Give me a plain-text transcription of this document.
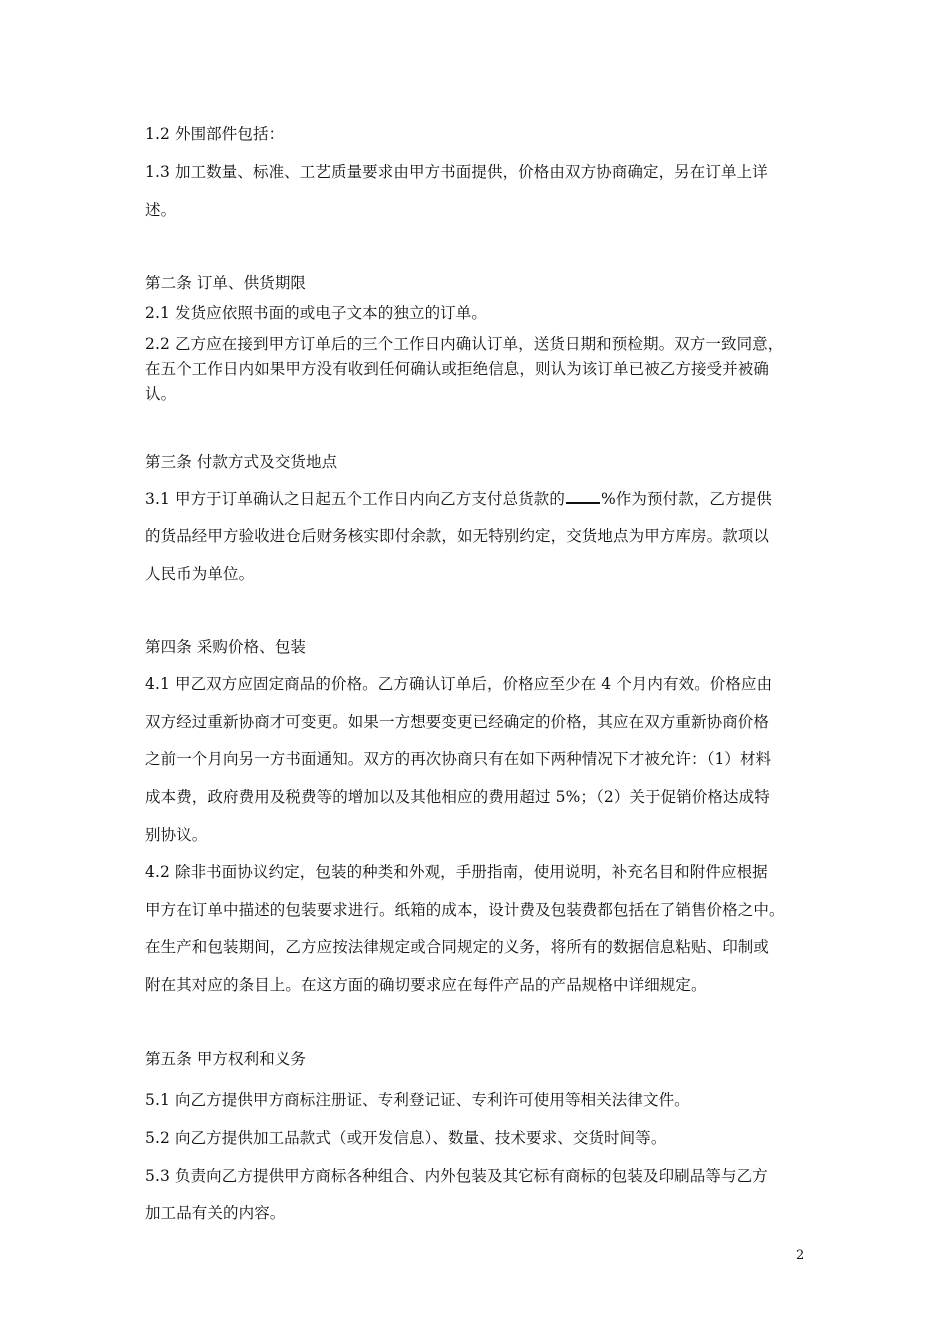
1.2 外围部件包括：
1.3 加工数量、标准、工艺质量要求由甲方书面提供，价格由双方协商确定，另在订单上详
述。
第二条 订单、供货期限
2.1 发货应依照书面的或电子文本的独立的订单。
2.2 乙方应在接到甲方订单后的三个工作日内确认订单，送货日期和预检期。双方一致同意，
在五个工作日内如果甲方没有收到任何确认或拒绝信息，则认为该订单已被乙方接受并被确
认。
第三条 付款方式及交货地点
3.1 甲方于订单确认之日起五个工作日内向乙方支付总货款的 %作为预付款，乙方提供
的货品经甲方验收进仓后财务核实即付余款，如无特别约定，交货地点为甲方库房。款项以
人民币为单位。
第四条 采购价格、包装
4.1 甲乙双方应固定商品的价格。乙方确认订单后，价格应至少在 4 个月内有效。价格应由
双方经过重新协商才可变更。如果一方想要变更已经确定的价格，其应在双方重新协商价格
之前一个月向另一方书面通知。双方的再次协商只有在如下两种情况下才被允许：（1）材料
成本费，政府费用及税费等的增加以及其他相应的费用超过 5%；（2）关于促销价格达成特
别协议。
4.2 除非书面协议约定，包装的种类和外观，手册指南，使用说明，补充名目和附件应根据
甲方在订单中描述的包装要求进行。纸箱的成本，设计费及包装费都包括在了销售价格之中。
在生产和包装期间，乙方应按法律规定或合同规定的义务，将所有的数据信息粘贴、印制或
附在其对应的条目上。在这方面的确切要求应在每件产品的产品规格中详细规定。
第五条 甲方权利和义务
5.1 向乙方提供甲方商标注册证、专利登记证、专利许可使用等相关法律文件。
5.2 向乙方提供加工品款式（或开发信息）、数量、技术要求、交货时间等。
5.3 负责向乙方提供甲方商标各种组合、内外包装及其它标有商标的包装及印刷品等与乙方
加工品有关的内容。
2
